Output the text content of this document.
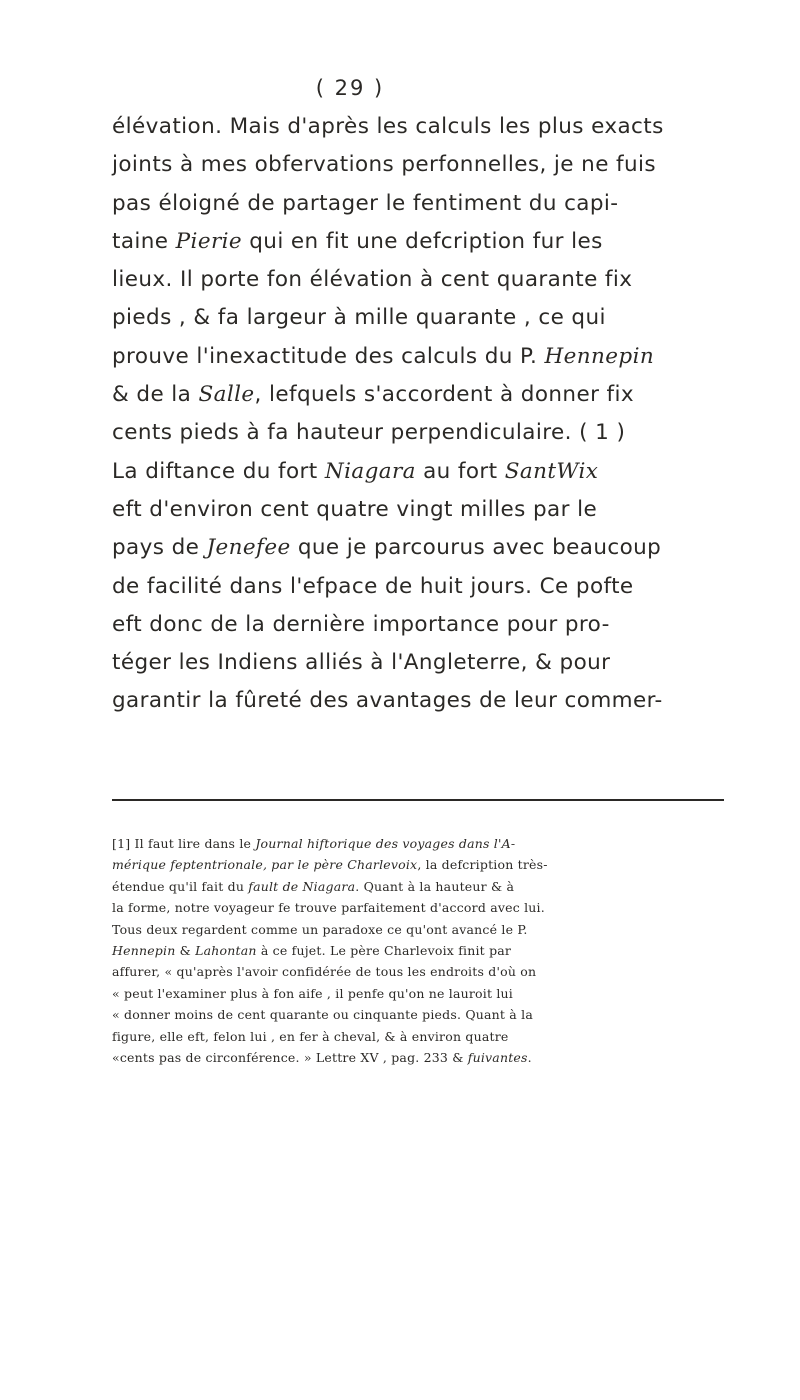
( 29 )
élévation. Mais d'après les calculs les plus exacts
joints à mes obfervations perfonnelles, je ne fuis
pas éloigné de partager le fentiment du capi-
taine Pierie qui en fit une defcription fur les
lieux. Il porte fon élévation à cent quarante fix
pieds , & fa largeur à mille quarante , ce qui
prouve l'inexactitude des calculs du P. Hennepin
& de la Salle, lefquels s'accordent à donner fix
cents pieds à fa hauteur perpendiculaire. ( 1 )
La diftance du fort Niagara au fort SantWix
eft d'environ cent quatre vingt milles par le
pays de Jenefee que je parcourus avec beaucoup
de facilité dans l'efpace de huit jours. Ce pofte
eft donc de la dernière importance pour pro-
téger les Indiens alliés à l'Angleterre, & pour
garantir la fûreté des avantages de leur commer-
[1] Il faut lire dans le Journal hiftorique des voyages dans l'A-
mérique feptentrionale, par le père Charlevoix, la defcription très-
étendue qu'il fait du fault de Niagara. Quant à la hauteur & à
la forme, notre voyageur fe trouve parfaitement d'accord avec lui.
Tous deux regardent comme un paradoxe ce qu'ont avancé le P.
Hennepin & Lahontan à ce fujet. Le père Charlevoix finit par
affurer, « qu'après l'avoir confidérée de tous les endroits d'où on
« peut l'examiner plus à fon aife , il penfe qu'on ne lauroit lui
« donner moins de cent quarante ou cinquante pieds. Quant à la
figure, elle eft, felon lui , en fer à cheval, & à environ quatre
«cents pas de circonférence. » Lettre XV , pag. 233 & fuivantes.
